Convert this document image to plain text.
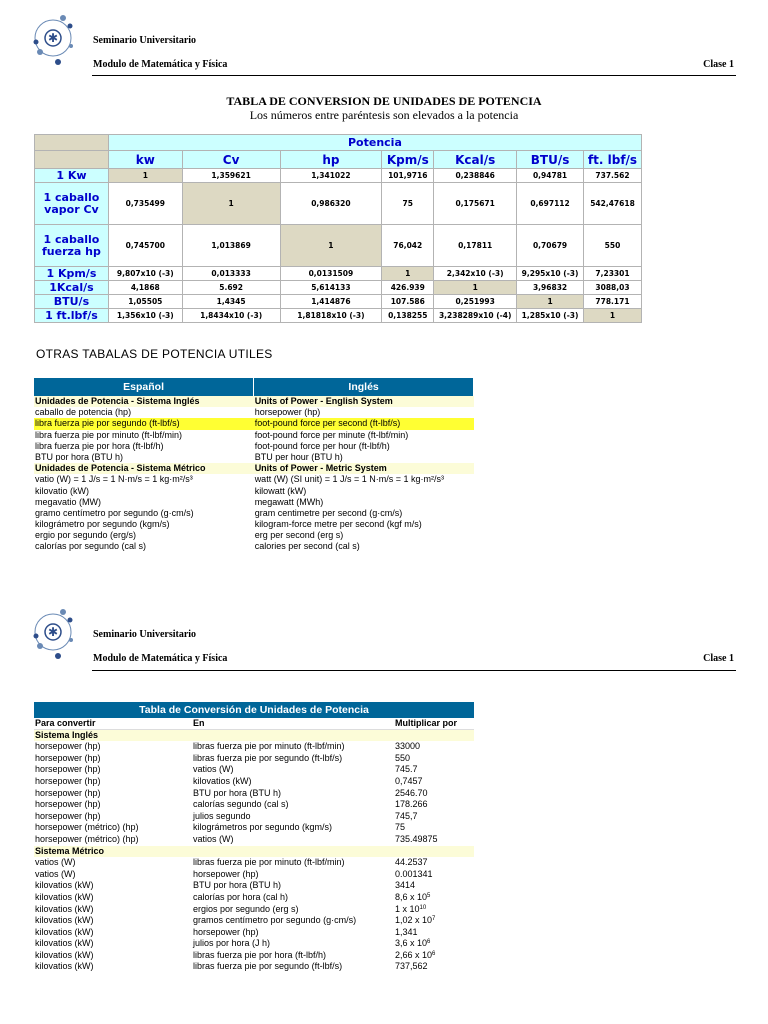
✱	Seminario Universitario
Modulo de Matemática y Física	Clase 1
TABLA DE CONVERSION DE UNIDADES DE POTENCIA
Los números entre paréntesis son elevados a la potencia
	Potencia						
	kw	Cv	hp	Kpm/s	Kcal/s	BTU/s	ft. lbf/s
1 Kw	1	1,359621	1,341022	101,9716	0,238846	0,94781	737.562
1 caballo vapor Cv	0,735499	1	0,986320	75	0,175671	0,697112	542,47618
1 caballo fuerza hp	0,745700	1,013869	1	76,042	0,17811	0,70679	550
1 Kpm/s	9,807x10 (-3)	0,013333	0,0131509	1	2,342x10 (-3)	9,295x10 (-3)	7,23301
1Kcal/s	4,1868	5.692	5,614133	426.939	1	3,96832	3088,03
BTU/s	1,05505	1,4345	1,414876	107.586	0,251993	1	778.171
1 ft.lbf/s	1,356x10 (-3)	1,8434x10 (-3)	1,81818x10 (-3)	0,138255	3,238289x10 (-4)	1,285x10 (-3)	1
OTRAS TABALAS DE POTENCIA UTILES
Español	Inglés
Unidades de Potencia - Sistema Inglés	Units of Power - English System
caballo de potencia (hp)	horsepower (hp)
libra fuerza pie por segundo (ft-lbf/s)	foot-pound force per second (ft-lbf/s)
libra fuerza pie por minuto (ft-lbf/min)	foot-pound force per minute (ft-lbf/min)
libra fuerza pie por hora (ft-lbf/h)	foot-pound force per hour (ft-lbf/h)
BTU por hora (BTU h)	BTU per hour (BTU h)
Unidades de Potencia - Sistema Métrico	Units of Power - Metric System
vatio (W) = 1 J/s = 1 N·m/s = 1 kg·m²/s³	watt (W) (SI unit) = 1 J/s = 1 N·m/s = 1 kg·m²/s³
kilovatio (kW)	kilowatt (kW)
megavatio (MW)	megawatt (MWh)
gramo centímetro por segundo (g·cm/s)	gram centimetre per second (g·cm/s)
kilográmetro por segundo (kgm/s)	kilogram-force metre per second (kgf m/s)
ergio por segundo (erg/s)	erg per second (erg s)
calorías por segundo (cal s)	calories per second (cal s)
✱	Seminario Universitario
Modulo de Matemática y Física	Clase 1
Tabla de Conversión de Unidades de Potencia		
Para convertir	En	Multiplicar por
Sistema Inglés		
horsepower (hp)	libras fuerza pie por minuto (ft-lbf/min)	33000
horsepower (hp)	libras fuerza pie por segundo (ft-lbf/s)	550
horsepower (hp)	vatios (W)	745.7
horsepower (hp)	kilovatios (kW)	0,7457
horsepower (hp)	BTU por hora (BTU h)	2546.70
horsepower (hp)	calorías segundo (cal s)	178.266
horsepower (hp)	julios segundo	745,7
horsepower (métrico) (hp)	kilográmetros por segundo (kgm/s)	75
horsepower (métrico) (hp)	vatios (W)	735.49875
Sistema Métrico		
vatios (W)	libras fuerza pie por minuto (ft-lbf/min)	44.2537
vatios (W)	horsepower (hp)	0.001341
kilovatios (kW)	BTU por hora (BTU h)	3414
kilovatios (kW)	calorías por hora (cal h)	8,6 x $10^5$
kilovatios (kW)	ergios por segundo (erg s)	1 x $10^{10}$
kilovatios (kW)	gramos centímetro por segundo (g·cm/s)	1,02 x $10^7$
kilovatios (kW)	horsepower (hp)	1,341
kilovatios (kW)	julios por hora (J h)	3,6 x $10^6$
kilovatios (kW)	libras fuerza pie por hora (ft-lbf/h)	2,66 x $10^6$
kilovatios (kW)	libras fuerza pie por segundo (ft-lbf/s)	737,562
